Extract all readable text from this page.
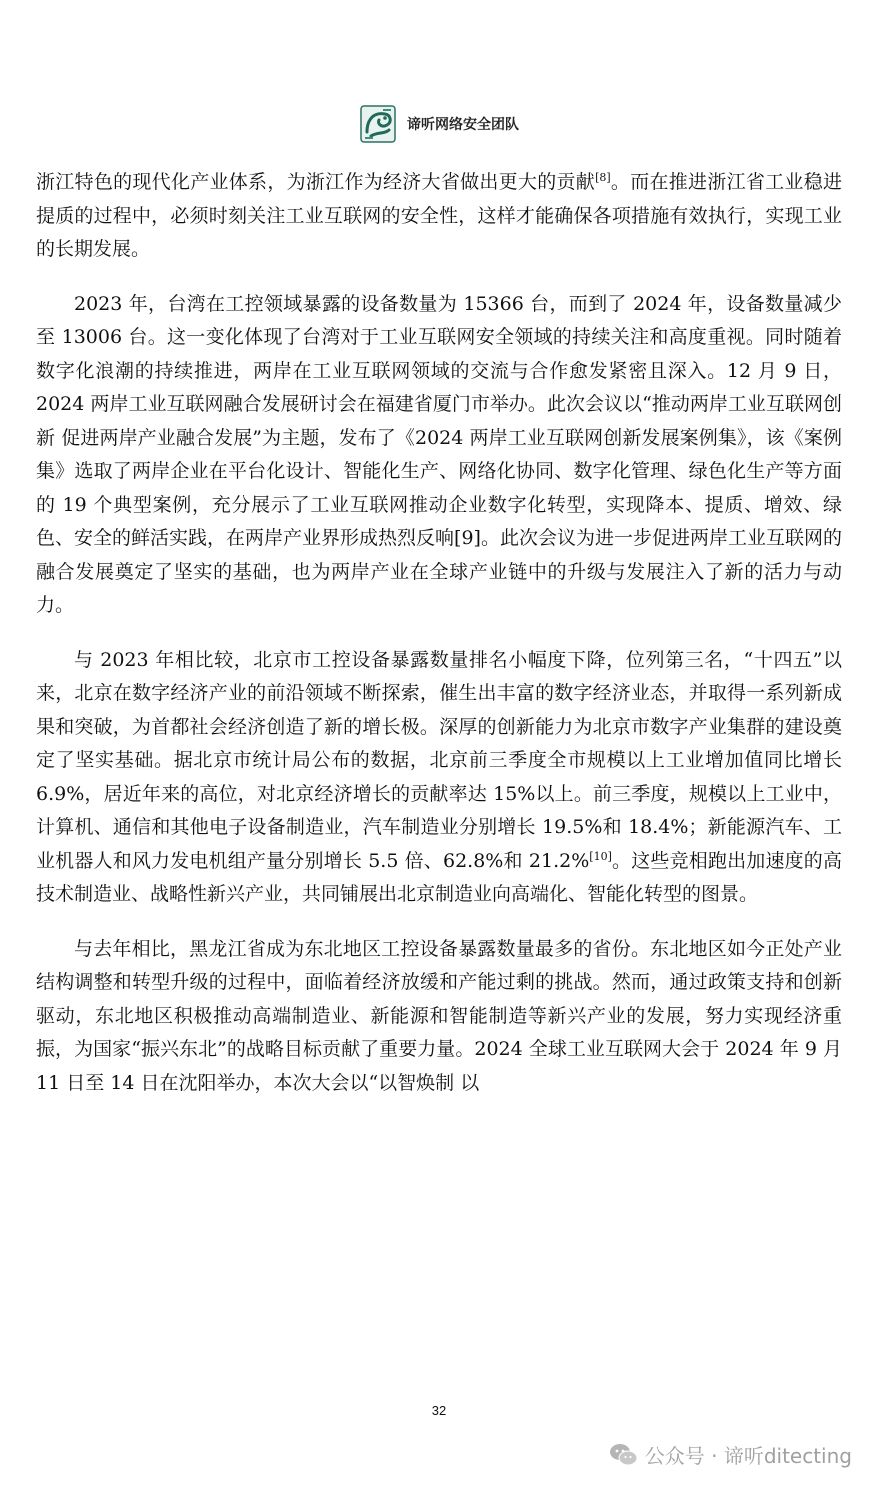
谛听网络安全团队

浙江特色的现代化产业体系，为浙江作为经济大省做出更大的贡献[8]。而在推进浙江省工业稳进提质的过程中，必须时刻关注工业互联网的安全性，这样才能确保各项措施有效执行，实现工业的长期发展。

2023 年，台湾在工控领域暴露的设备数量为 15366 台，而到了 2024 年，设备数量减少至 13006 台。这一变化体现了台湾对于工业互联网安全领域的持续关注和高度重视。同时随着数字化浪潮的持续推进，两岸在工业互联网领域的交流与合作愈发紧密且深入。12 月 9 日，2024 两岸工业互联网融合发展研讨会在福建省厦门市举办。此次会议以“推动两岸工业互联网创新 促进两岸产业融合发展”为主题，发布了《2024 两岸工业互联网创新发展案例集》，该《案例集》选取了两岸企业在平台化设计、智能化生产、网络化协同、数字化管理、绿色化生产等方面的 19 个典型案例，充分展示了工业互联网推动企业数字化转型，实现降本、提质、增效、绿色、安全的鲜活实践，在两岸产业界形成热烈反响[9]。此次会议为进一步促进两岸工业互联网的融合发展奠定了坚实的基础，也为两岸产业在全球产业链中的升级与发展注入了新的活力与动力。

与 2023 年相比较，北京市工控设备暴露数量排名小幅度下降，位列第三名，“十四五”以来，北京在数字经济产业的前沿领域不断探索，催生出丰富的数字经济业态，并取得一系列新成果和突破，为首都社会经济创造了新的增长极。深厚的创新能力为北京市数字产业集群的建设奠定了坚实基础。据北京市统计局公布的数据，北京前三季度全市规模以上工业增加值同比增长 6.9%，居近年来的高位，对北京经济增长的贡献率达 15%以上。前三季度，规模以上工业中，计算机、通信和其他电子设备制造业，汽车制造业分别增长 19.5%和 18.4%；新能源汽车、工业机器人和风力发电机组产量分别增长 5.5 倍、62.8%和 21.2%[10]。这些竞相跑出加速度的高技术制造业、战略性新兴产业，共同铺展出北京制造业向高端化、智能化转型的图景。

与去年相比，黑龙江省成为东北地区工控设备暴露数量最多的省份。东北地区如今正处产业结构调整和转型升级的过程中，面临着经济放缓和产能过剩的挑战。然而，通过政策支持和创新驱动，东北地区积极推动高端制造业、新能源和智能制造等新兴产业的发展，努力实现经济重振，为国家“振兴东北”的战略目标贡献了重要力量。2024 全球工业互联网大会于 2024 年 9 月 11 日至 14 日在沈阳举办，本次大会以“以智焕制 以

32
公众号 · 谛听ditecting
